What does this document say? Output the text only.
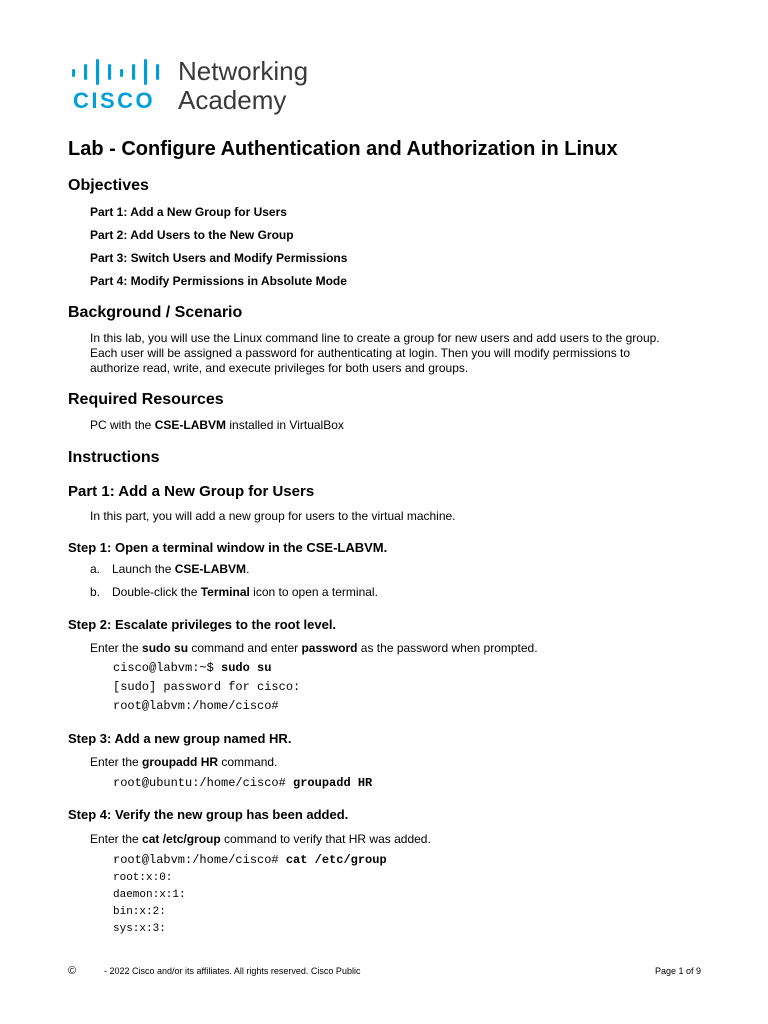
CISCO
Networking
Academy
Lab - Configure Authentication and Authorization in Linux
Objectives

Part 1: Add a New Group for Users

Part 2: Add Users to the New Group

Part 3: Switch Users and Modify Permissions

Part 4: Modify Permissions in Absolute Mode

Background / Scenario

In this lab, you will use the Linux command line to create a group for new users and add users to the group.

Each user will be assigned a password for authenticating at login. Then you will modify permissions to

authorize read, write, and execute privileges for both users and groups.

Required Resources

PC with the CSE-LABVM installed in VirtualBox

Instructions
Part 1: Add a New Group for Users

In this part, you will add a new group for users to the virtual machine.

Step 1: Open a terminal window in the CSE-LABVM.

a. Launch the CSE-LABVM.

b. Double-click the Terminal icon to open a terminal.

Step 2: Escalate privileges to the root level.

Enter the sudo su command and enter password as the password when prompted.

cisco@labvm:~$ sudo su

[sudo] password for cisco:

root@labvm:/home/cisco#

Step 3: Add a new group named HR.

Enter the groupadd HR command.

root@ubuntu:/home/cisco# groupadd HR

Step 4: Verify the new group has been added.

Enter the cat /etc/group command to verify that HR was added.

root@labvm:/home/cisco# cat /etc/group

root:x:0:

daemon:x:1:

bin:x:2:

sys:x:3:

©	- 2022 Cisco and/or its affiliates. All rights reserved. Cisco Public	Page 1 of 9
